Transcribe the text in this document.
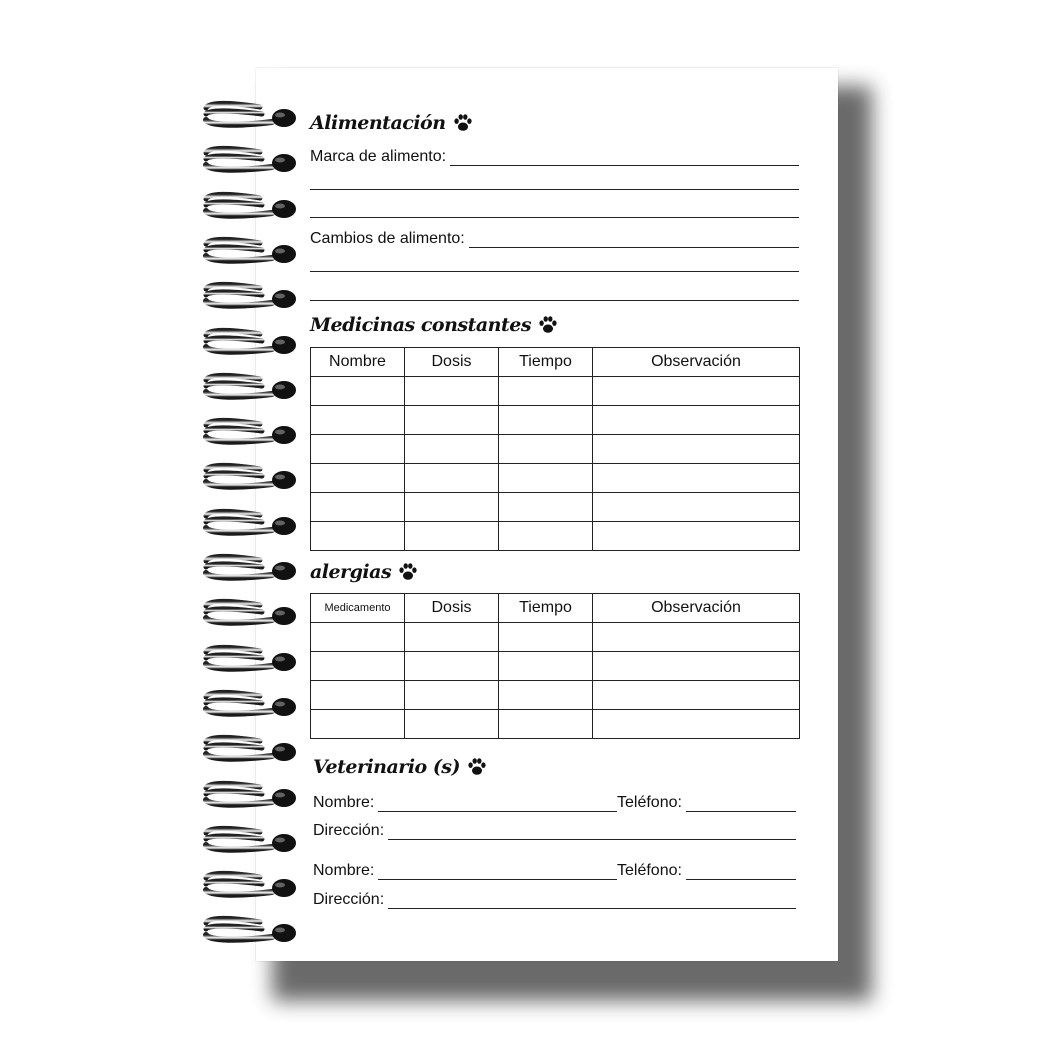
Alimentación
Marca de alimento:
Cambios de alimento:
Medicinas constantes
Nombre	Dosis	Tiempo	Observación

alergias
Medicamento	Dosis	Tiempo	Observación

Veterinario (s)
Nombre:	Teléfono:
Dirección:
Nombre:	Teléfono:
Dirección:
